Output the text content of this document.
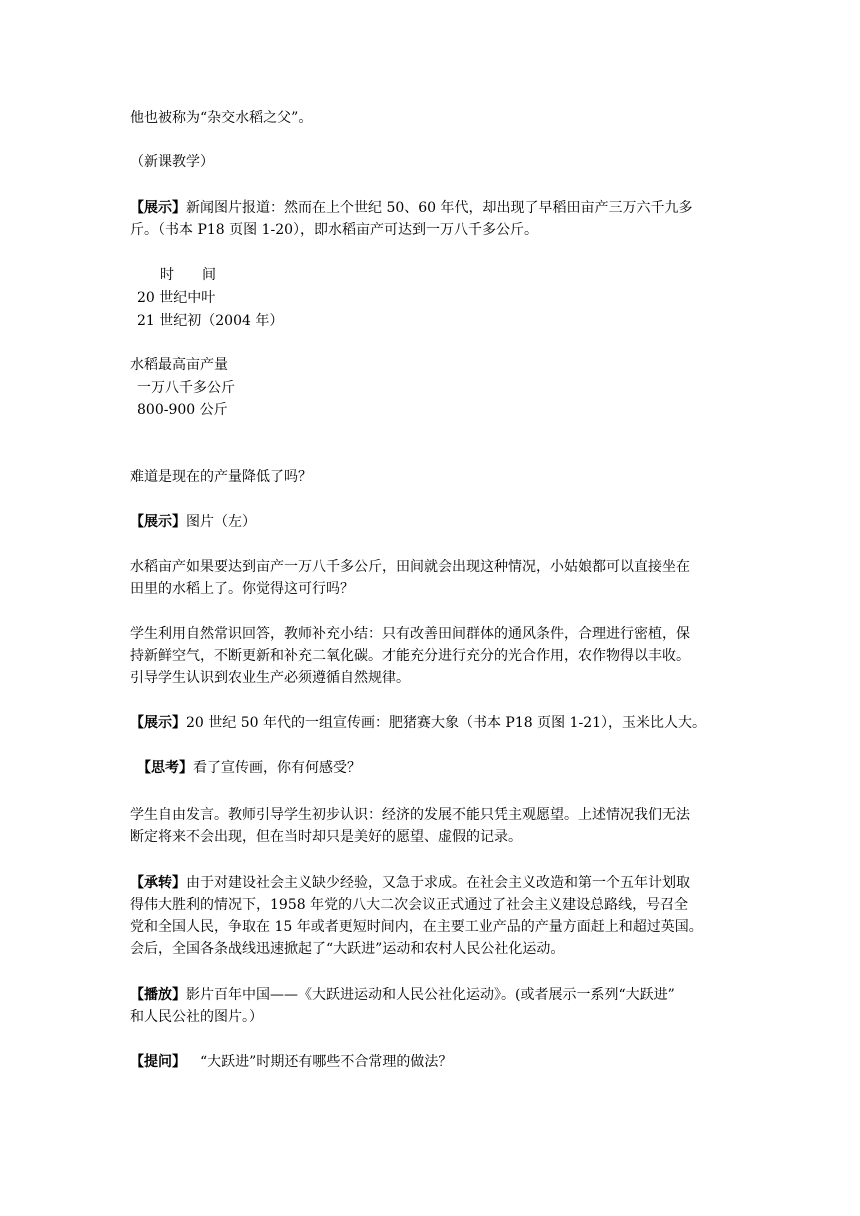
他也被称为“杂交水稻之父”。
（新课教学）
【展示】新闻图片报道：然而在上个世纪 50、60 年代，却出现了早稻田亩产三万六千九多
斤。（书本 P18 页图 1-20），即水稻亩产可达到一万八千多公斤。
时　　间
20 世纪中叶
21 世纪初（2004 年）
水稻最高亩产量
一万八千多公斤
800-900 公斤
难道是现在的产量降低了吗？
【展示】图片（左）
水稻亩产如果要达到亩产一万八千多公斤，田间就会出现这种情况，小姑娘都可以直接坐在
田里的水稻上了。你觉得这可行吗？
学生利用自然常识回答，教师补充小结：只有改善田间群体的通风条件，合理进行密植，保
持新鲜空气，不断更新和补充二氧化碳。才能充分进行充分的光合作用，农作物得以丰收。
引导学生认识到农业生产必须遵循自然规律。
【展示】20 世纪 50 年代的一组宣传画：肥猪赛大象（书本 P18 页图 1-21），玉米比人大。
【思考】看了宣传画，你有何感受？
学生自由发言。教师引导学生初步认识：经济的发展不能只凭主观愿望。上述情况我们无法
断定将来不会出现，但在当时却只是美好的愿望、虚假的记录。
【承转】由于对建设社会主义缺少经验，又急于求成。在社会主义改造和第一个五年计划取
得伟大胜利的情况下，1958 年党的八大二次会议正式通过了社会主义建设总路线，号召全
党和全国人民，争取在 15 年或者更短时间内，在主要工业产品的产量方面赶上和超过英国。
会后，全国各条战线迅速掀起了“大跃进”运动和农村人民公社化运动。
【播放】影片百年中国——《大跃进运动和人民公社化运动》。(或者展示一系列“大跃进”
和人民公社的图片。）
【提问】 “大跃进”时期还有哪些不合常理的做法？
